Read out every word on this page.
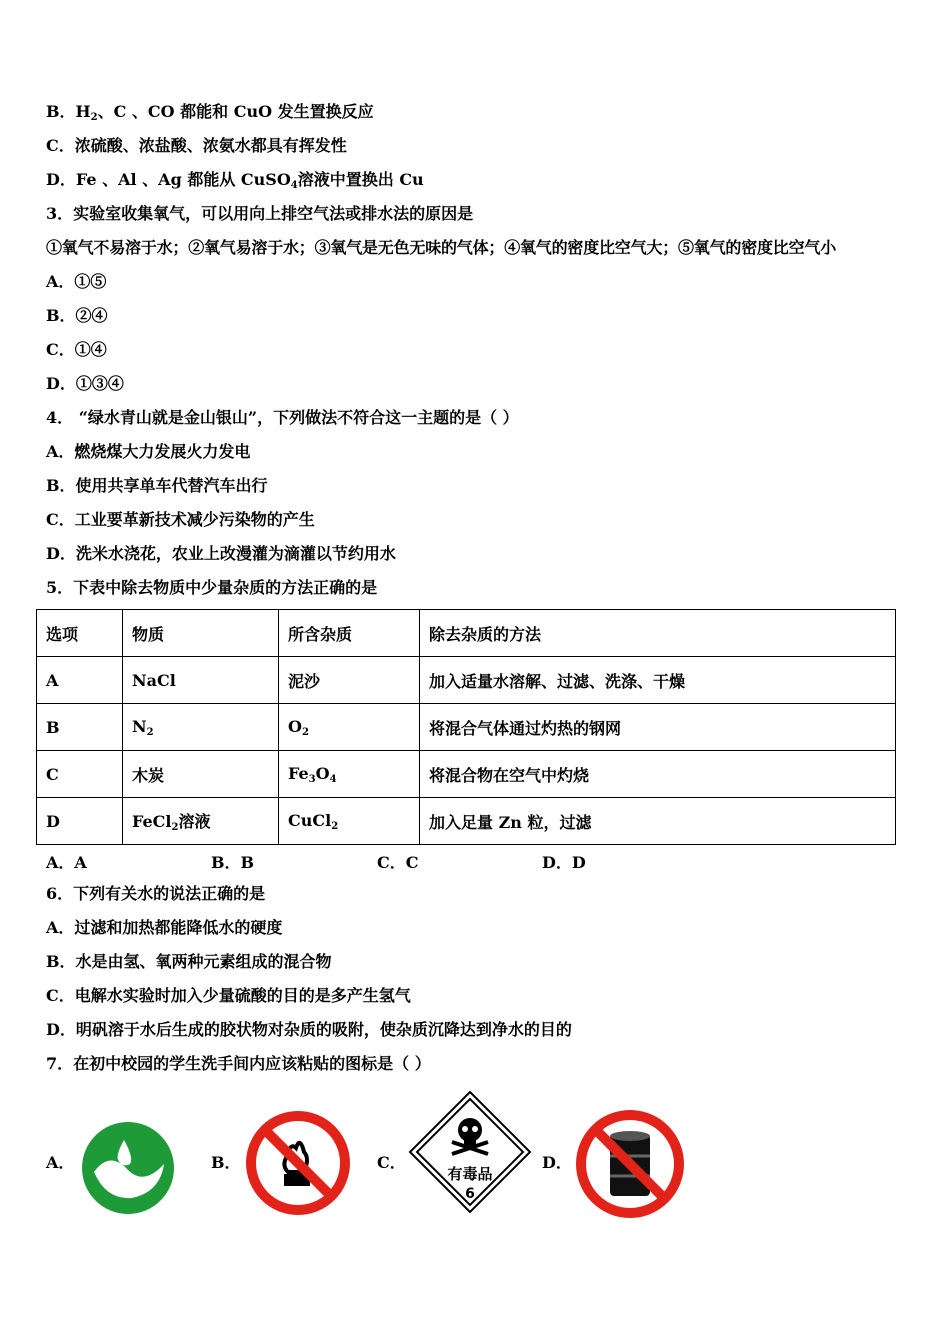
B．$H_2$、C 、CO 都能和 CuO 发生置换反应
C．浓硫酸、浓盐酸、浓氨水都具有挥发性
D．Fe 、Al 、Ag 都能从 CuSO$_4$溶液中置换出 Cu
3．实验室收集氧气，可以用向上排空气法或排水法的原因是
①氧气不易溶于水；②氧气易溶于水；③氧气是无色无味的气体；④氧气的密度比空气大；⑤氧气的密度比空气小
A．①⑤
B．②④
C．①④
D．①③④
4． “绿水青山就是金山银山”，下列做法不符合这一主题的是（ ）
A．燃烧煤大力发展火力发电
B．使用共享单车代替汽车出行
C．工业要革新技术减少污染物的产生
D．洗米水浇花，农业上改漫灌为滴灌以节约用水
5．下表中除去物质中少量杂质的方法正确的是
选项	物质	所含杂质	除去杂质的方法
A	NaCl	泥沙	加入适量水溶解、过滤、洗涤、干燥
B	$N_2$	$O_2$	将混合气体通过灼热的钢网
C	木炭	$Fe_3O_4$	将混合物在空气中灼烧
D	FeCl$_2$溶液	CuCl$_2$	加入足量 Zn 粒，过滤
A．A	B．B	C．C	D．D
6．下列有关水的说法正确的是
A．过滤和加热都能降低水的硬度
B．水是由氢、氧两种元素组成的混合物
C．电解水实验时加入少量硫酸的目的是多产生氢气
D．明矾溶于水后生成的胶状物对杂质的吸附，使杂质沉降达到净水的目的
7．在初中校园的学生洗手间内应该粘贴的图标是（ ）
A．	B．	C．
有毒品
6
D．
